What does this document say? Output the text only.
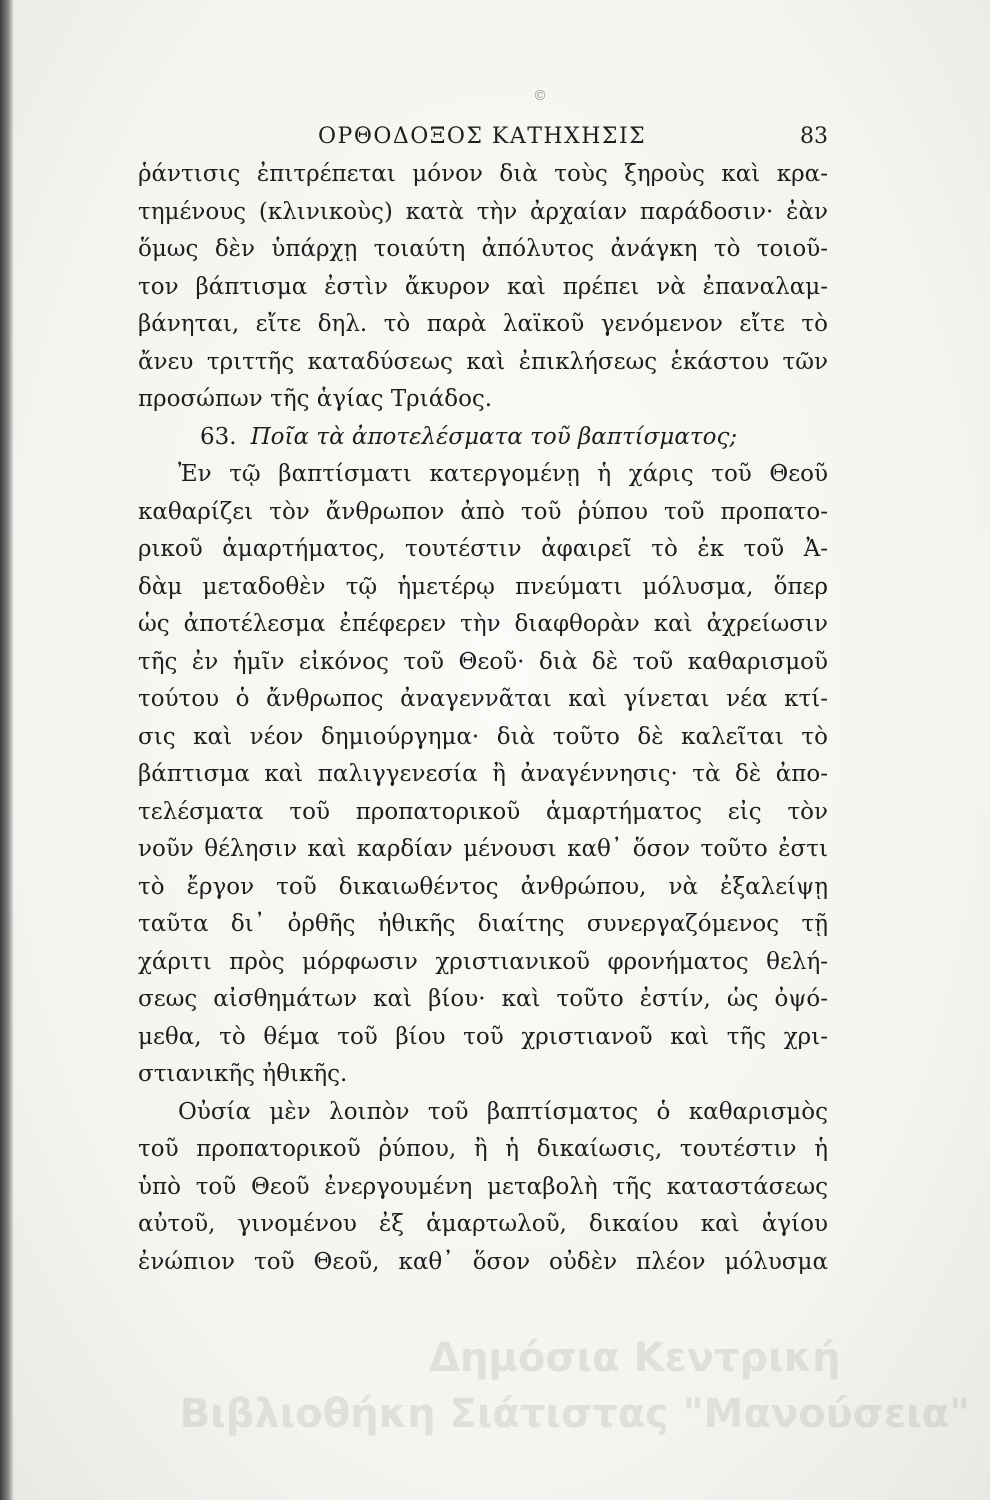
©
ΟΡΘΟΔΟΞΟΣ ΚΑΤΗΧΗΣΙΣ	83
ῥάντισις ἐπιτρέπεται μόνον διὰ τοὺς ξηροὺς καὶ κρα-
τημένους (κλινικοὺς) κατὰ τὴν ἀρχαίαν παράδοσιν· ἐὰν
ὅμως δὲν ὑπάρχῃ τοιαύτη ἀπόλυτος ἀνάγκη τὸ τοιοῦ-
τον βάπτισμα ἐστὶν ἄκυρον καὶ πρέπει νὰ ἐπαναλαμ-
βάνηται, εἴτε δηλ. τὸ παρὰ λαϊκοῦ γενόμενον εἴτε τὸ
ἄνευ τριττῆς καταδύσεως καὶ ἐπικλήσεως ἑκάστου τῶν
προσώπων τῆς ἁγίας Τριάδος.
63. Ποῖα τὰ ἀποτελέσματα τοῦ βαπτίσματος;
Ἐν τῷ βαπτίσματι κατεργομένῃ ἡ χάρις τοῦ Θεοῦ
καθαρίζει τὸν ἄνθρωπον ἀπὸ τοῦ ῥύπου τοῦ προπατο-
ρικοῦ ἁμαρτήματος, τουτέστιν ἀφαιρεῖ τὸ ἐκ τοῦ Ἀ-
δὰμ μεταδοθὲν τῷ ἡμετέρῳ πνεύματι μόλυσμα, ὅπερ
ὡς ἀποτέλεσμα ἐπέφερεν τὴν διαφθορὰν καὶ ἀχρείωσιν
τῆς ἐν ἡμῖν εἰκόνος τοῦ Θεοῦ· διὰ δὲ τοῦ καθαρισμοῦ
τούτου ὁ ἄνθρωπος ἀναγεννᾶται καὶ γίνεται νέα κτί-
σις καὶ νέον δημιούργημα· διὰ τοῦτο δὲ καλεῖται τὸ
βάπτισμα καὶ παλιγγενεσία ἢ ἀναγέννησις· τὰ δὲ ἀπο-
τελέσματα τοῦ προπατορικοῦ ἁμαρτήματος εἰς τὸν
νοῦν θέλησιν καὶ καρδίαν μένουσι καθ᾽ ὅσον τοῦτο ἐστι
τὸ ἔργον τοῦ δικαιωθέντος ἀνθρώπου, νὰ ἐξαλείψῃ
ταῦτα δι᾽ ὀρθῆς ἠθικῆς διαίτης συνεργαζόμενος τῇ
χάριτι πρὸς μόρφωσιν χριστιανικοῦ φρονήματος θελή-
σεως αἰσθημάτων καὶ βίου· καὶ τοῦτο ἐστίν, ὡς ὀψό-
μεθα, τὸ θέμα τοῦ βίου τοῦ χριστιανοῦ καὶ τῆς χρι-
στιανικῆς ἠθικῆς.
Οὐσία μὲν λοιπὸν τοῦ βαπτίσματος ὁ καθαρισμὸς
τοῦ προπατορικοῦ ῥύπου, ἢ ἡ δικαίωσις, τουτέστιν ἡ
ὑπὸ τοῦ Θεοῦ ἐνεργουμένη μεταβολὴ τῆς καταστάσεως
αὐτοῦ, γινομένου ἐξ ἁμαρτωλοῦ, δικαίου καὶ ἁγίου
ἐνώπιον τοῦ Θεοῦ, καθ᾽ ὅσον οὐδὲν πλέον μόλυσμα
Δημόσια Κεντρική
Βιβλιοθήκη Σιάτιστας "Μανούσεια"
